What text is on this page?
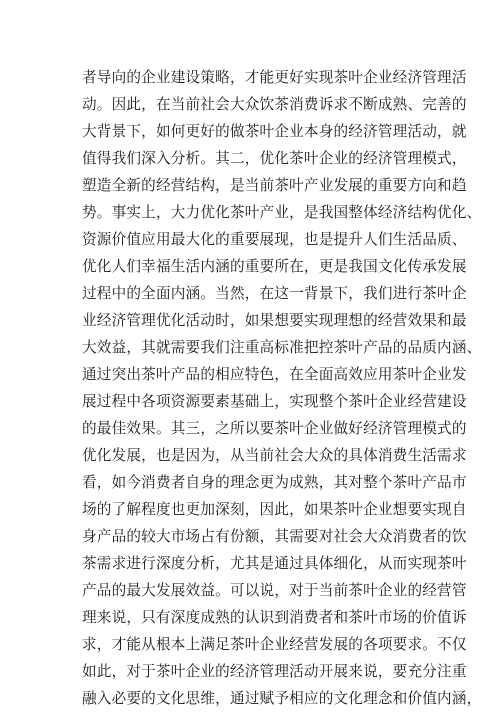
者导向的企业建设策略，才能更好实现茶叶企业经济管理活
动。因此，在当前社会大众饮茶消费诉求不断成熟、完善的
大背景下，如何更好的做茶叶企业本身的经济管理活动，就
值得我们深入分析。其二，优化茶叶企业的经济管理模式，
塑造全新的经营结构，是当前茶叶产业发展的重要方向和趋
势。事实上，大力优化茶叶产业，是我国整体经济结构优化、
资源价值应用最大化的重要展现，也是提升人们生活品质、
优化人们幸福生活内涵的重要所在，更是我国文化传承发展
过程中的全面内涵。当然，在这一背景下，我们进行茶叶企
业经济管理优化活动时，如果想要实现理想的经营效果和最
大效益，其就需要我们注重高标准把控茶叶产品的品质内涵、
通过突出茶叶产品的相应特色，在全面高效应用茶叶企业发
展过程中各项资源要素基础上，实现整个茶叶企业经营建设
的最佳效果。其三，之所以要茶叶企业做好经济管理模式的
优化发展，也是因为，从当前社会大众的具体消费生活需求
看，如今消费者自身的理念更为成熟，其对整个茶叶产品市
场的了解程度也更加深刻，因此，如果茶叶企业想要实现自
身产品的较大市场占有份额，其需要对社会大众消费者的饮
茶需求进行深度分析，尤其是通过具体细化，从而实现茶叶
产品的最大发展效益。可以说，对于当前茶叶企业的经营管
理来说，只有深度成熟的认识到消费者和茶叶市场的价值诉
求，才能从根本上满足茶叶企业经营发展的各项要求。不仅
如此，对于茶叶企业的经济管理活动开展来说，要充分注重
融入必要的文化思维，通过赋予相应的文化理念和价值内涵，
